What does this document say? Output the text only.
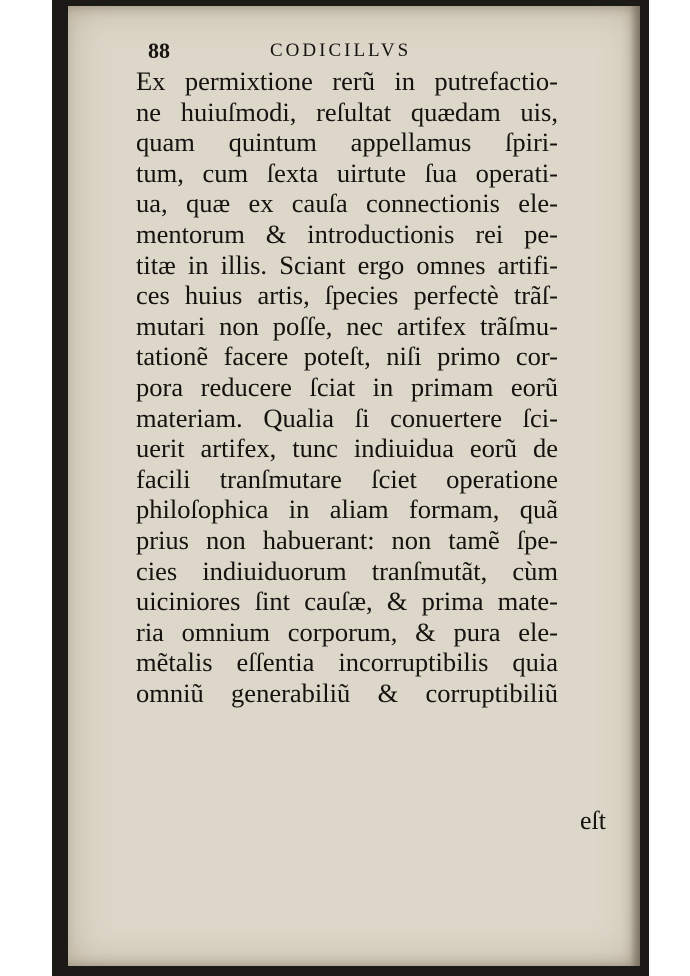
88	CODICILLVS
Ex permixtione rerũ in putrefactio-
ne huiuſmodi, reſultat quædam uis,
quam quintum appellamus ſpiri-
tum, cum ſexta uirtute ſua operati-
ua, quæ ex cauſa connectionis ele-
mentorum & introductionis rei pe-
titæ in illis. Sciant ergo omnes artifi-
ces huius artis, ſpecies perfectè trãſ-
mutari non poſſe, nec artifex trãſmu-
tationẽ facere poteſt, niſi primo cor-
pora reducere ſciat in primam eorũ
materiam. Qualia ſi conuertere ſci-
uerit artifex, tunc indiuidua eorũ de
facili tranſmutare ſciet operatione
philoſophica in aliam formam, quã
prius non habuerant: non tamẽ ſpe-
cies indiuiduorum tranſmutãt, cùm
uiciniores ſint cauſæ, & prima mate-
ria omnium corporum, & pura ele-
mẽtalis eſſentia incorruptibilis quia
omniũ generabiliũ & corruptibiliũ
eſt
